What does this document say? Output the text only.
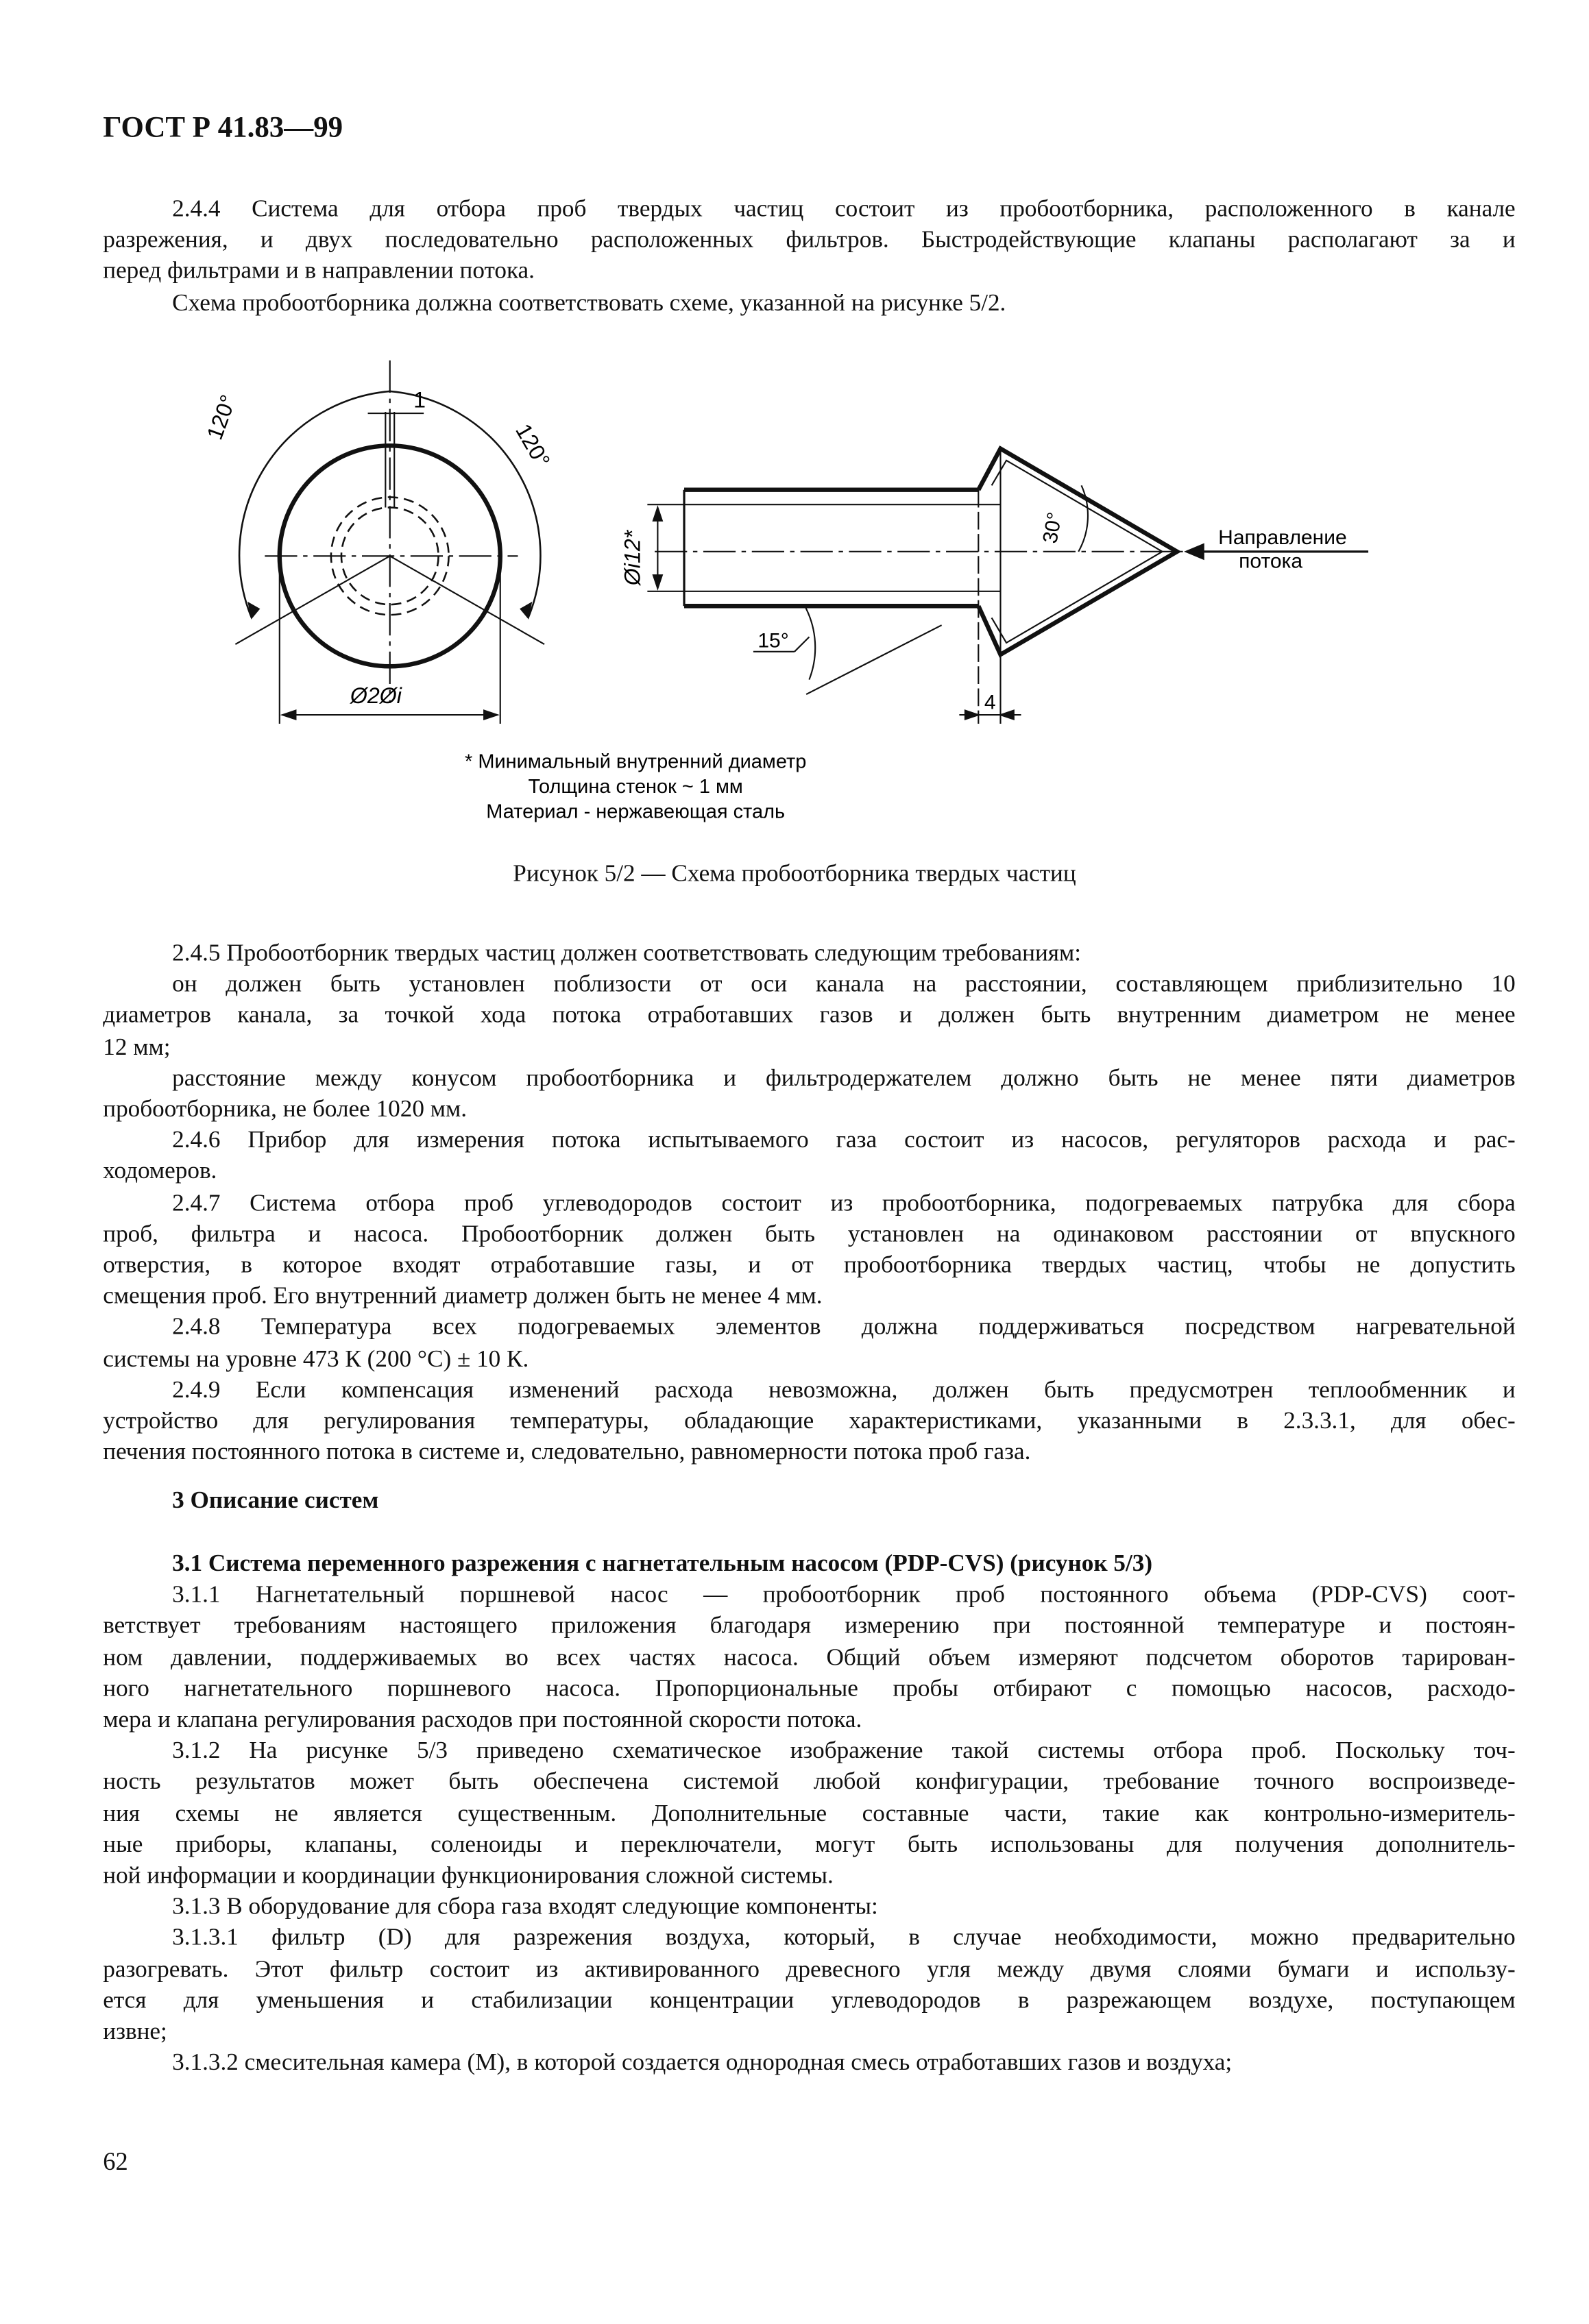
ГОСТ Р 41.83—99
2.4.4 Система для отбора проб твердых частиц состоит из пробоотборника, расположенного в канале
разрежения, и двух последовательно расположенных фильтров. Быстродействующие клапаны располагают за и
перед фильтрами и в направлении потока.
Схема пробоотборника должна соответствовать схеме, указанной на рисунке 5/2.
120°
120°
1
Ø2Øi
Øi12*
30°
15°
4
Направление
потока
* Минимальный внутренний диаметр
Толщина стенок ~ 1 мм
Материал - нержавеющая сталь
Рисунок 5/2 — Схема пробоотборника твердых частиц
2.4.5 Пробоотборник твердых частиц должен соответствовать следующим требованиям:
он должен быть установлен поблизости от оси канала на расстоянии, составляющем приблизительно 10
диаметров канала, за точкой хода потока отработавших газов и должен быть внутренним диаметром не менее
12 мм;
расстояние между конусом пробоотборника и фильтродержателем должно быть не менее пяти диаметров
пробоотборника, не более 1020 мм.
2.4.6 Прибор для измерения потока испытываемого газа состоит из насосов, регуляторов расхода и рас-
ходомеров.
2.4.7 Система отбора проб углеводородов состоит из пробоотборника, подогреваемых патрубка для сбора
проб, фильтра и насоса. Пробоотборник должен быть установлен на одинаковом расстоянии от впускного
отверстия, в которое входят отработавшие газы, и от пробоотборника твердых частиц, чтобы не допустить
смещения проб. Его внутренний диаметр должен быть не менее 4 мм.
2.4.8 Температура всех подогреваемых элементов должна поддерживаться посредством нагревательной
системы на уровне 473 К (200 °С) ± 10 К.
2.4.9 Если компенсация изменений расхода невозможна, должен быть предусмотрен теплообменник и
устройство для регулирования температуры, обладающие характеристиками, указанными в 2.3.3.1, для обес-
печения постоянного потока в системе и, следовательно, равномерности потока проб газа.
3 Описание систем
3.1 Система переменного разрежения с нагнетательным насосом (PDP-CVS) (рисунок 5/3)
3.1.1 Нагнетательный поршневой насос — пробоотборник проб постоянного объема (PDP-CVS) соот-
ветствует требованиям настоящего приложения благодаря измерению при постоянной температуре и постоян-
ном давлении, поддерживаемых во всех частях насоса. Общий объем измеряют подсчетом оборотов тарирован-
ного нагнетательного поршневого насоса. Пропорциональные пробы отбирают с помощью насосов, расходо-
мера и клапана регулирования расходов при постоянной скорости потока.
3.1.2 На рисунке 5/3 приведено схематическое изображение такой системы отбора проб. Поскольку точ-
ность результатов может быть обеспечена системой любой конфигурации, требование точного воспроизведе-
ния схемы не является существенным. Дополнительные составные части, такие как контрольно-измеритель-
ные приборы, клапаны, соленоиды и переключатели, могут быть использованы для получения дополнитель-
ной информации и координации функционирования сложной системы.
3.1.3 В оборудование для сбора газа входят следующие компоненты:
3.1.3.1 фильтр (D) для разрежения воздуха, который, в случае необходимости, можно предварительно
разогревать. Этот фильтр состоит из активированного древесного угля между двумя слоями бумаги и использу-
ется для уменьшения и стабилизации концентрации углеводородов в разрежающем воздухе, поступающем
извне;
3.1.3.2 смесительная камера (M), в которой создается однородная смесь отработавших газов и воздуха;
62
